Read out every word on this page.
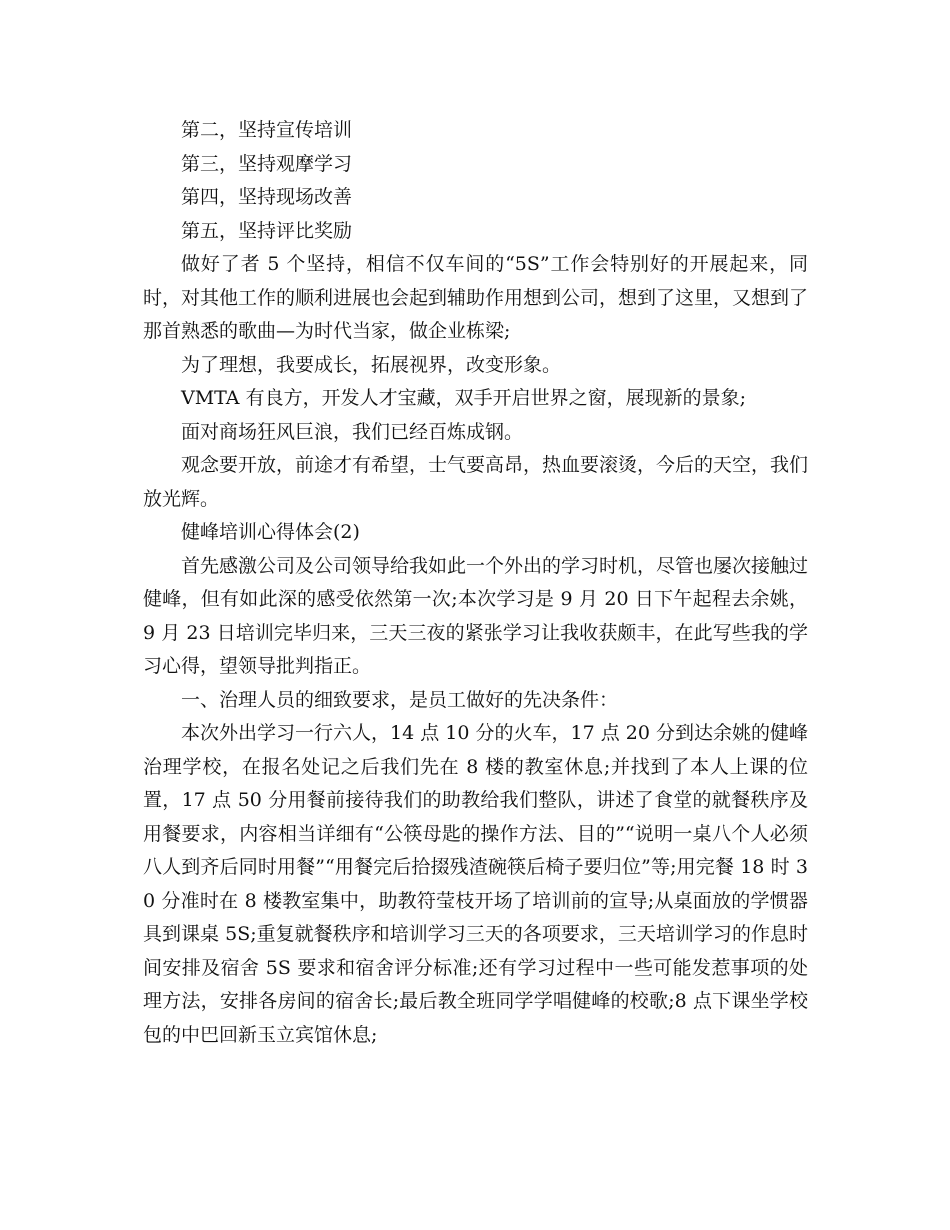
第二，坚持宣传培训

第三，坚持观摩学习

第四，坚持现场改善

第五，坚持评比奖励

做好了者 5 个坚持，相信不仅车间的“5S”工作会特别好的开展起来，同时，对其他工作的顺利进展也会起到辅助作用想到公司，想到了这里，又想到了那首熟悉的歌曲—为时代当家，做企业栋梁;

为了理想，我要成长，拓展视界，改变形象。

VMTA 有良方，开发人才宝藏，双手开启世界之窗，展现新的景象;

面对商场狂风巨浪，我们已经百炼成钢。

观念要开放，前途才有希望，士气要高昂，热血要滚烫，今后的天空，我们放光辉。

健峰培训心得体会(2)

首先感激公司及公司领导给我如此一个外出的学习时机，尽管也屡次接触过健峰，但有如此深的感受依然第一次;本次学习是 9 月 20 日下午起程去余姚，9 月 23 日培训完毕归来，三天三夜的紧张学习让我收获颇丰，在此写些我的学习心得，望领导批判指正。

一、治理人员的细致要求，是员工做好的先决条件：

本次外出学习一行六人，14 点 10 分的火车，17 点 20 分到达余姚的健峰治理学校，在报名处记之后我们先在 8 楼的教室休息;并找到了本人上课的位置，17 点 50 分用餐前接待我们的助教给我们整队，讲述了食堂的就餐秩序及用餐要求，内容相当详细有“公筷母匙的操作方法、目的”“说明一桌八个人必须八人到齐后同时用餐”“用餐完后拾掇残渣碗筷后椅子要归位”等;用完餐 18 时 30 分准时在 8 楼教室集中，助教符莹枝开场了培训前的宣导;从桌面放的学惯器具到课桌 5S;重复就餐秩序和培训学习三天的各项要求，三天培训学习的作息时间安排及宿舍 5S 要求和宿舍评分标准;还有学习过程中一些可能发惹事项的处理方法，安排各房间的宿舍长;最后教全班同学学唱健峰的校歌;8 点下课坐学校包的中巴回新玉立宾馆休息;
